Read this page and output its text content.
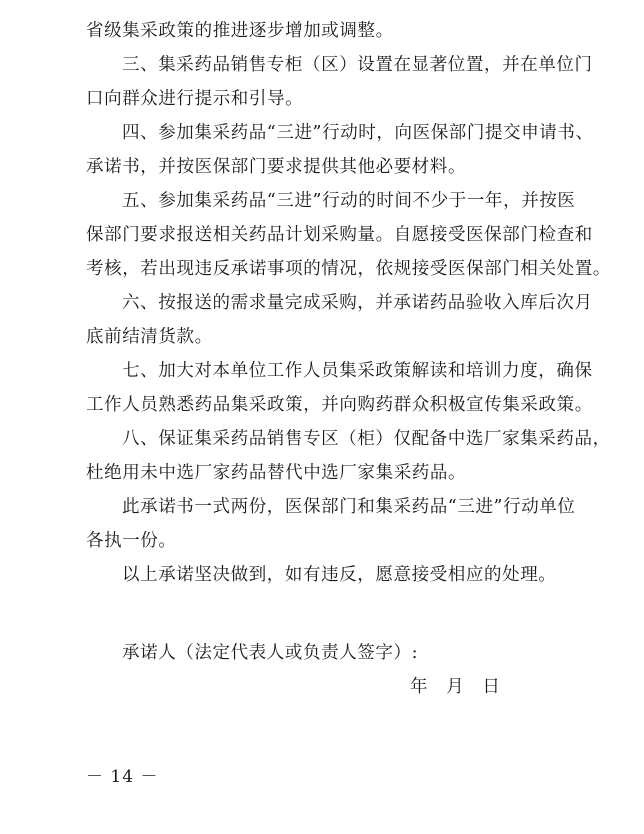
省级集采政策的推进逐步增加或调整。

三、集采药品销售专柜（区）设置在显著位置，并在单位门

口向群众进行提示和引导。

四、参加集采药品“三进”行动时，向医保部门提交申请书、

承诺书，并按医保部门要求提供其他必要材料。

五、参加集采药品“三进”行动的时间不少于一年，并按医

保部门要求报送相关药品计划采购量。自愿接受医保部门检查和

考核，若出现违反承诺事项的情况，依规接受医保部门相关处置。

六、按报送的需求量完成采购，并承诺药品验收入库后次月

底前结清货款。

七、加大对本单位工作人员集采政策解读和培训力度，确保

工作人员熟悉药品集采政策，并向购药群众积极宣传集采政策。

八、保证集采药品销售专区（柜）仅配备中选厂家集采药品，

杜绝用未中选厂家药品替代中选厂家集采药品。

此承诺书一式两份，医保部门和集采药品“三进”行动单位

各执一份。

以上承诺坚决做到，如有违反，愿意接受相应的处理。

承诺人（法定代表人或负责人签字）:

年　月　日

－ 14 －
